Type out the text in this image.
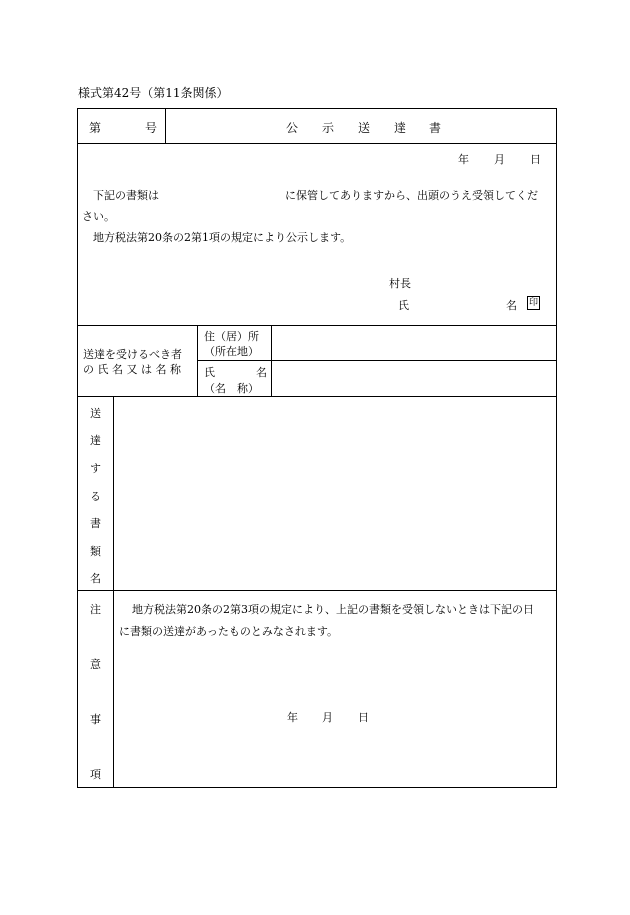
様式第42号（第11条関係）
第	号	公 示 送 達 書
年 月 日
下記の書類は	に保管してありますから、出頭のうえ受領してくだ
さい。
地方税法第20条の2第1項の規定により公示します。
村長
氏	名 印
送達を受けるべき者
の 氏 名 又 は 名 称
住（居）所
（所在地）
氏	名
（名　称）
送
達
す
る
書
類
名
注
意
事
項
地方税法第20条の2第3項の規定により、上記の書類を受領しないときは下記の日
に書類の送達があったものとみなされます。
年 月 日
